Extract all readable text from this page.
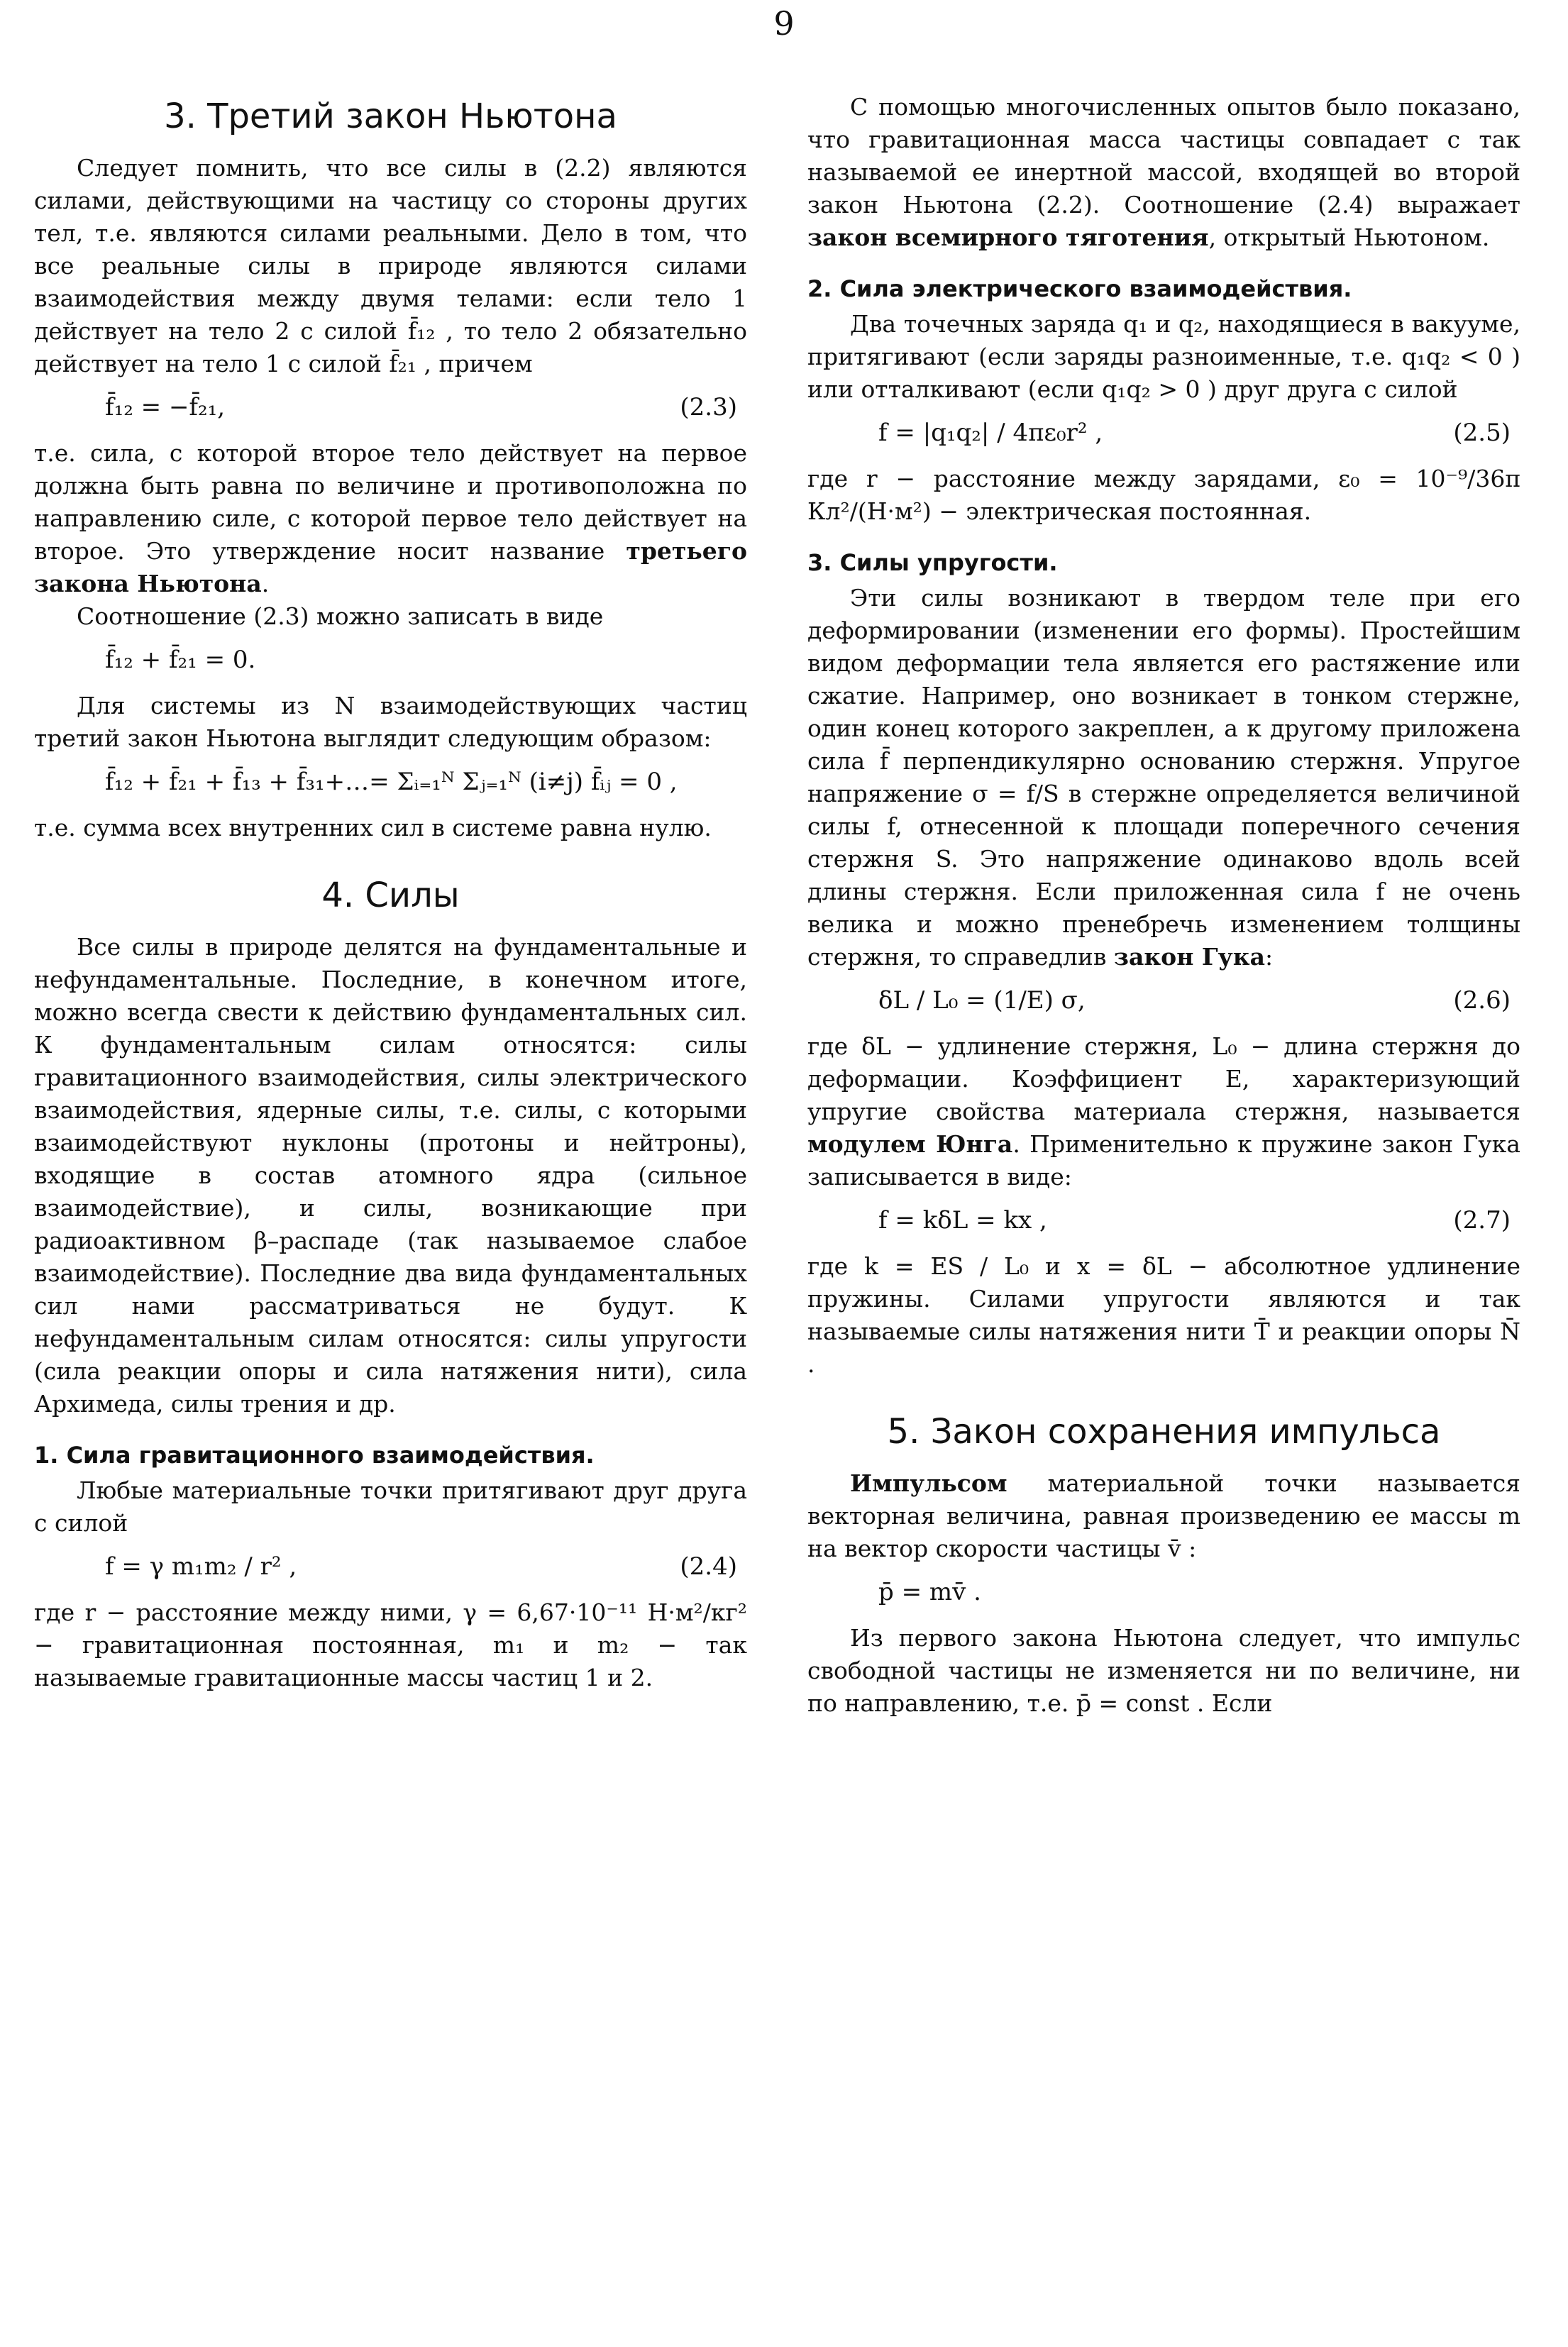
9
3. Третий закон Ньютона

Следует помнить, что все силы в (2.2) являются силами, действующими на частицу со стороны других тел, т.е. являются силами реальными. Дело в том, что все реальные силы в природе являются силами взаимодействия между двумя телами: если тело 1 действует на тело 2 с силой f̄₁₂ , то тело 2 обязательно действует на тело 1 с силой f̄₂₁ , причем

f̄₁₂ = −f̄₂₁,	(2.3)

т.е. сила, с которой второе тело действует на первое должна быть равна по величине и противоположна по направлению силе, с которой первое тело действует на второе. Это утверждение носит название третьего закона Ньютона.

Соотношение (2.3) можно записать в виде

f̄₁₂ + f̄₂₁ = 0.

Для системы из N взаимодействующих частиц третий закон Ньютона выглядит следующим образом:

f̄₁₂ + f̄₂₁ + f̄₁₃ + f̄₃₁+…= Σᵢ₌₁ᴺ Σⱼ₌₁ᴺ (i≠j) f̄ᵢⱼ = 0 ,

т.е. сумма всех внутренних сил в системе равна нулю.

4. Силы

Все силы в природе делятся на фундаментальные и нефундаментальные. Последние, в конечном итоге, можно всегда свести к действию фундаментальных сил. К фундаментальным силам относятся: силы гравитационного взаимодействия, силы электрического взаимодействия, ядерные силы, т.е. силы, с которыми взаимодействуют нуклоны (протоны и нейтроны), входящие в состав атомного ядра (сильное взаимодействие), и силы, возникающие при радиоактивном β–распаде (так называемое слабое взаимодействие). Последние два вида фундаментальных сил нами рассматриваться не будут. К нефундаментальным силам относятся: силы упругости (сила реакции опоры и сила натяжения нити), сила Архимеда, силы трения и др.

1. Сила гравитационного взаимодействия.

Любые материальные точки притягивают друг друга с силой

f = γ m₁m₂ / r² ,	(2.4)

где r − расстояние между ними, γ = 6,67·10⁻¹¹ Н·м²/кг² − гравитационная постоянная, m₁ и m₂ − так называемые гравитационные массы частиц 1 и 2.

С помощью многочисленных опытов было показано, что гравитационная масса частицы совпадает с так называемой ее инертной массой, входящей во второй закон Ньютона (2.2). Соотношение (2.4) выражает закон всемирного тяготения, открытый Ньютоном.

2. Сила электрического взаимодействия.

Два точечных заряда q₁ и q₂, находящиеся в вакууме, притягивают (если заряды разноименные, т.е. q₁q₂ < 0 ) или отталкивают (если q₁q₂ > 0 ) друг друга с силой

f = |q₁q₂| / 4πε₀r² ,	(2.5)

где r − расстояние между зарядами, ε₀ = 10⁻⁹/36π Кл²/(Н·м²) − электрическая постоянная.

3. Силы упругости.

Эти силы возникают в твердом теле при его деформировании (изменении его формы). Простейшим видом деформации тела является его растяжение или сжатие. Например, оно возникает в тонком стержне, один конец которого закреплен, а к другому приложена сила f̄ перпендикулярно основанию стержня. Упругое напряжение σ = f/S в стержне определяется величиной силы f, отнесенной к площади поперечного сечения стержня S. Это напряжение одинаково вдоль всей длины стержня. Если приложенная сила f не очень велика и можно пренебречь изменением толщины стержня, то справедлив закон Гука:

δL / L₀ = (1/E) σ,	(2.6)

где δL − удлинение стержня, L₀ − длина стержня до деформации. Коэффициент E, характеризующий упругие свойства материала стержня, называется модулем Юнга. Применительно к пружине закон Гука записывается в виде:

f = kδL = kx ,	(2.7)

где k = ES / L₀ и x = δL − абсолютное удлинение пружины. Силами упругости являются и так называемые силы натяжения нити T̄ и реакции опоры N̄ .

5. Закон сохранения импульса

Импульсом материальной точки называется векторная величина, равная произведению ее массы m на вектор скорости частицы v̄ :

p̄ = mv̄ .

Из первого закона Ньютона следует, что импульс свободной частицы не изменяется ни по величине, ни по направлению, т.е. p̄ = const . Если
